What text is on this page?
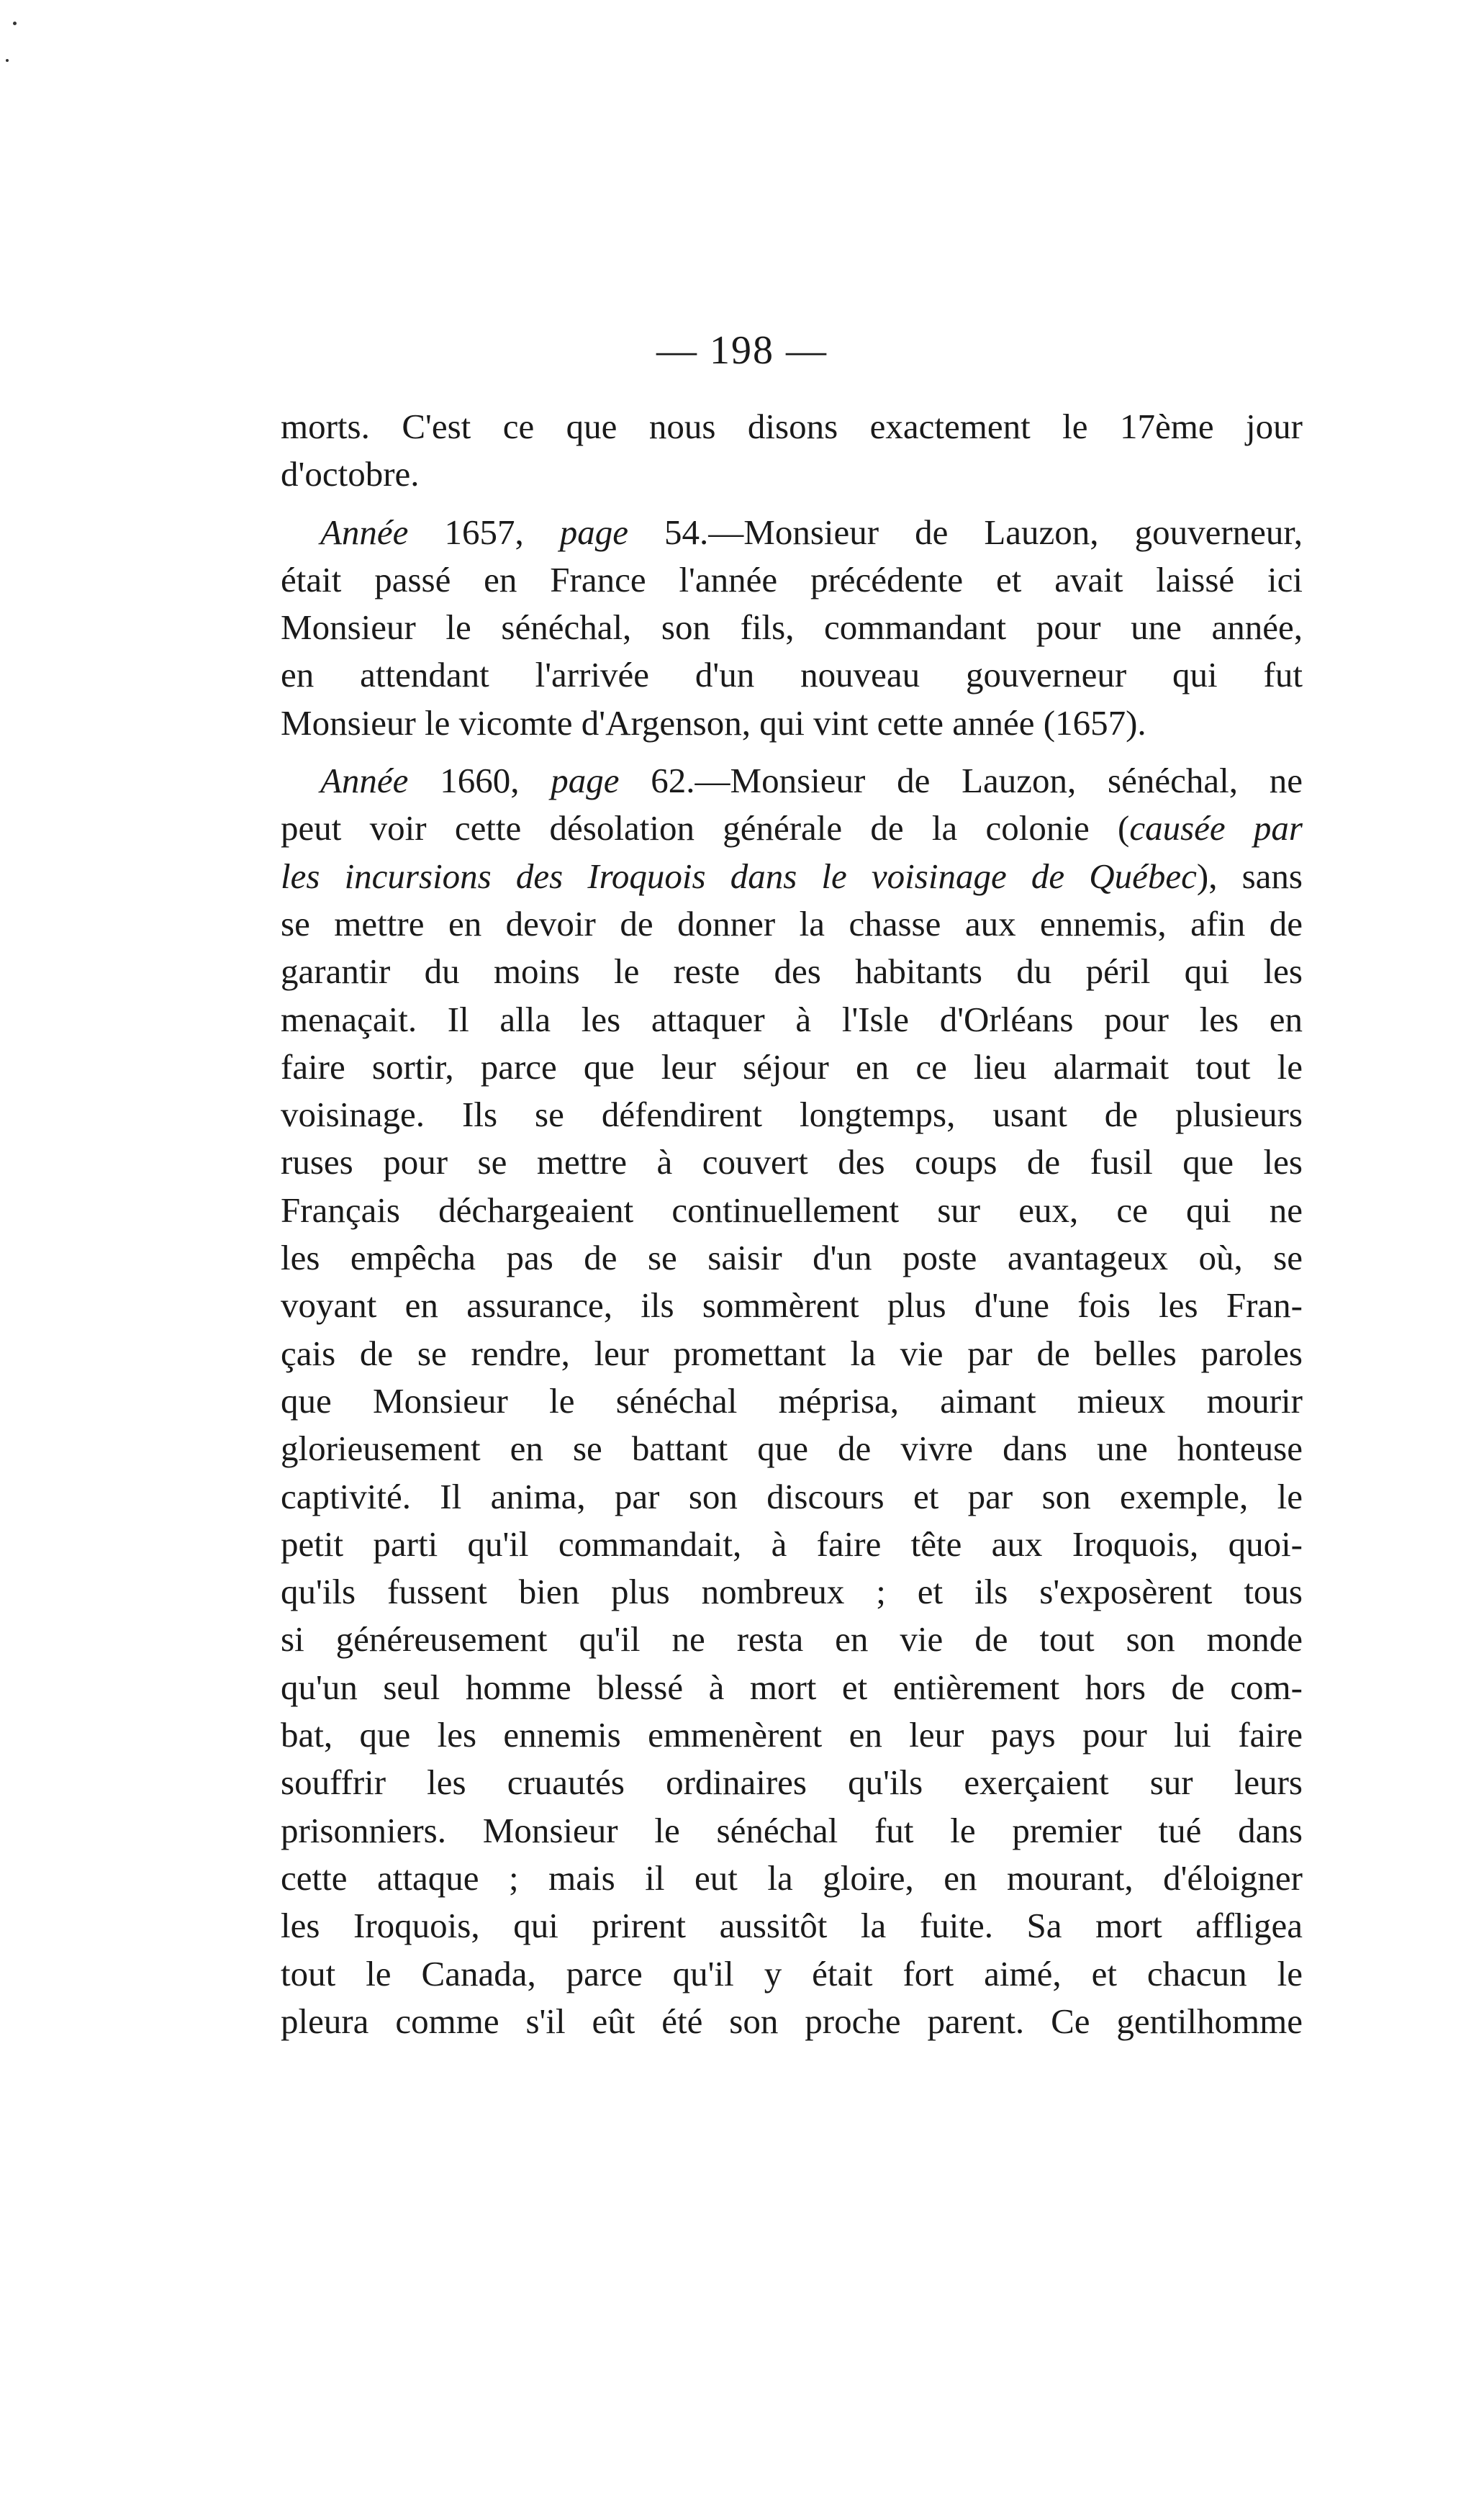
— 198 —
morts. C'est ce que nous disons exactement le 17ème jour
d'octobre.
Année 1657, page 54.—Monsieur de Lauzon, gouverneur,
était passé en France l'année précédente et avait laissé ici
Monsieur le sénéchal, son fils, commandant pour une année,
en attendant l'arrivée d'un nouveau gouverneur qui fut
Monsieur le vicomte d'Argenson, qui vint cette année (1657).
Année 1660, page 62.—Monsieur de Lauzon, sénéchal, ne
peut voir cette désolation générale de la colonie (causée par
les incursions des Iroquois dans le voisinage de Québec), sans
se mettre en devoir de donner la chasse aux ennemis, afin de
garantir du moins le reste des habitants du péril qui les
menaçait. Il alla les attaquer à l'Isle d'Orléans pour les en
faire sortir, parce que leur séjour en ce lieu alarmait tout le
voisinage. Ils se défendirent longtemps, usant de plusieurs
ruses pour se mettre à couvert des coups de fusil que les
Français déchargeaient continuellement sur eux, ce qui ne
les empêcha pas de se saisir d'un poste avantageux où, se
voyant en assurance, ils sommèrent plus d'une fois les Fran-
çais de se rendre, leur promettant la vie par de belles paroles
que Monsieur le sénéchal méprisa, aimant mieux mourir
glorieusement en se battant que de vivre dans une honteuse
captivité. Il anima, par son discours et par son exemple, le
petit parti qu'il commandait, à faire tête aux Iroquois, quoi-
qu'ils fussent bien plus nombreux ; et ils s'exposèrent tous
si généreusement qu'il ne resta en vie de tout son monde
qu'un seul homme blessé à mort et entièrement hors de com-
bat, que les ennemis emmenèrent en leur pays pour lui faire
souffrir les cruautés ordinaires qu'ils exerçaient sur leurs
prisonniers. Monsieur le sénéchal fut le premier tué dans
cette attaque ; mais il eut la gloire, en mourant, d'éloigner
les Iroquois, qui prirent aussitôt la fuite. Sa mort affligea
tout le Canada, parce qu'il y était fort aimé, et chacun le
pleura comme s'il eût été son proche parent. Ce gentilhomme
